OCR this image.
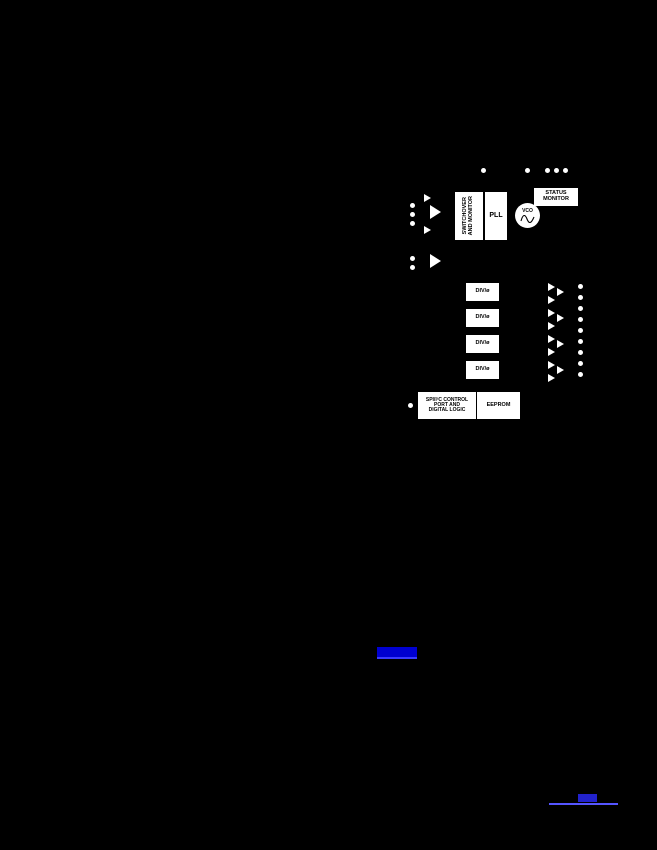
STATUS
MONITOR
SWITCHOVER AND MONITOR PLL
VCO
DIV/ø
DIV/ø
DIV/ø
DIV/ø
SPI/I²C CONTROL
PORT AND
DIGITAL LOGIC
EEPROM
